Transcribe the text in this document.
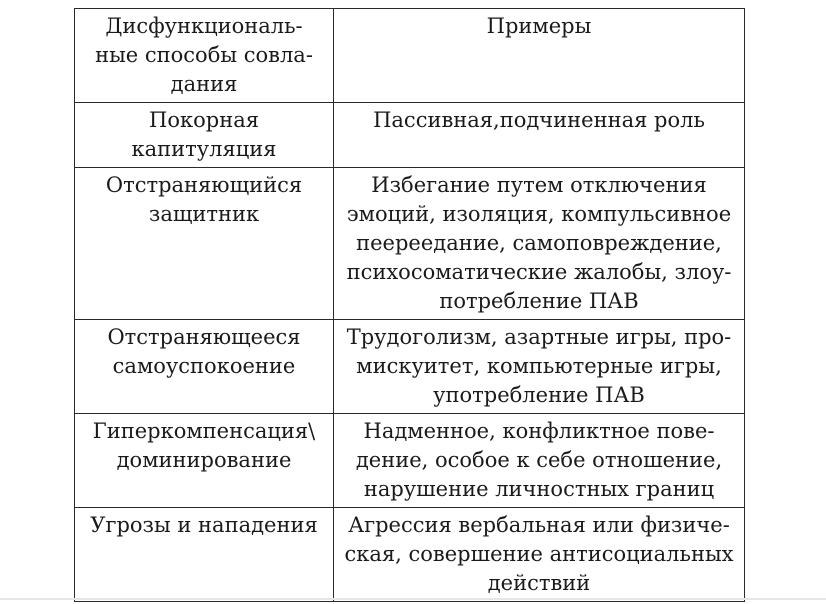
Дисфункциональ-
ные способы совла-
дания	Примеры

Покорная
капитуляция	Пассивная,подчиненная роль

Отстраняющийся
защитник	Избегание путем отключения
эмоций, изоляция, компульсивное
пеереедание, самоповреждение,
психосоматические жалобы, злоу-
потребление ПАВ

Отстраняющееся
самоуспокоение	Трудоголизм, азартные игры, про-
мискуитет, компьютерные игры,
употребление ПАВ

Гиперкомпенсация\
доминирование	Надменное, конфликтное пове-
дение, особое к себе отношение,
нарушение личностных границ

Угрозы и нападения	Агрессия вербальная или физиче-
ская, совершение антисоциальных
действий
